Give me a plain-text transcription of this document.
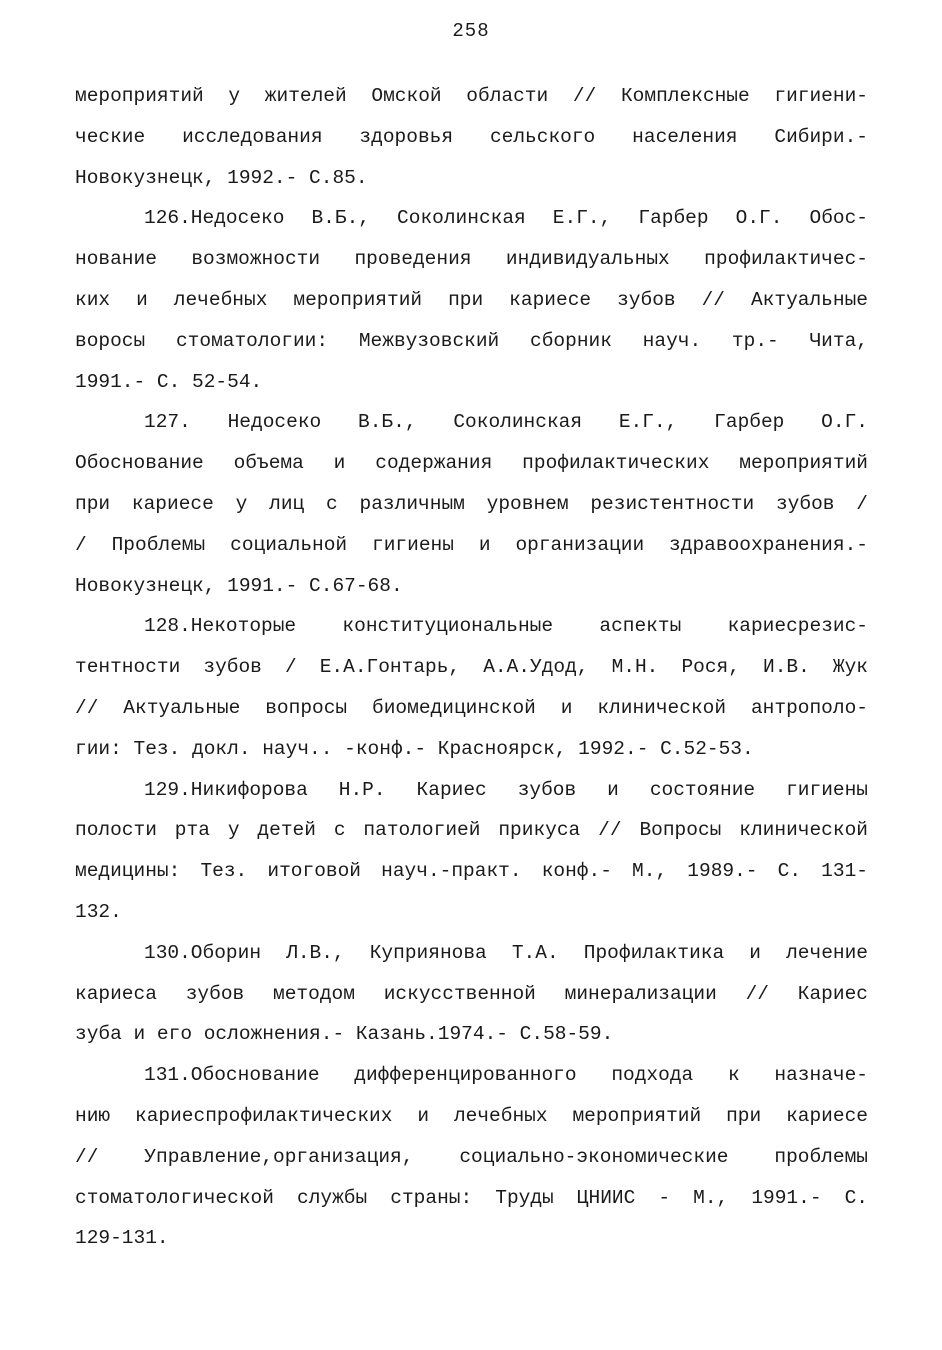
258
мероприятий у жителей Омской области // Комплексные гигиени-
ческие исследования здоровья сельского населения Сибири.-
Новокузнецк, 1992.- С.85.
126.Недосеко В.Б., Соколинская Е.Г., Гарбер О.Г. Обос-
нование возможности проведения индивидуальных профилактичес-
ких и лечебных мероприятий при кариесе зубов // Актуальные
воросы стоматологии: Межвузовский сборник науч. тр.- Чита,
1991.- С. 52-54.
127. Недосеко В.Б., Соколинская Е.Г., Гарбер О.Г.
Обоснование объема и содержания профилактических мероприятий
при кариесе у лиц с различным уровнем резистентности зубов /
/ Проблемы социальной гигиены и организации здравоохранения.-
Новокузнецк, 1991.- С.67-68.
128.Некоторые конституциональные аспекты кариесрезис-
тентности зубов / Е.А.Гонтарь, А.А.Удод, М.Н. Рося, И.В. Жук
// Актуальные вопросы биомедицинской и клинической антрополо-
гии: Тез. докл. науч.. -конф.- Красноярск, 1992.- С.52-53.
129.Никифорова Н.Р. Кариес зубов и состояние гигиены
полости рта у детей с патологией прикуса // Вопросы клинической
медицины: Тез. итоговой науч.-практ. конф.- М., 1989.- С. 131-
132.
130.Оборин Л.В., Куприянова Т.А. Профилактика и лечение
кариеса зубов методом искусственной минерализации // Кариес
зуба и его осложнения.- Казань.1974.- С.58-59.
131.Обоснование дифференцированного подхода к назначе-
нию кариеспрофилактических и лечебных мероприятий при кариесе
// Управление,организация, социально-экономические проблемы
стоматологической службы страны: Труды ЦНИИС - М., 1991.- С.
129-131.
